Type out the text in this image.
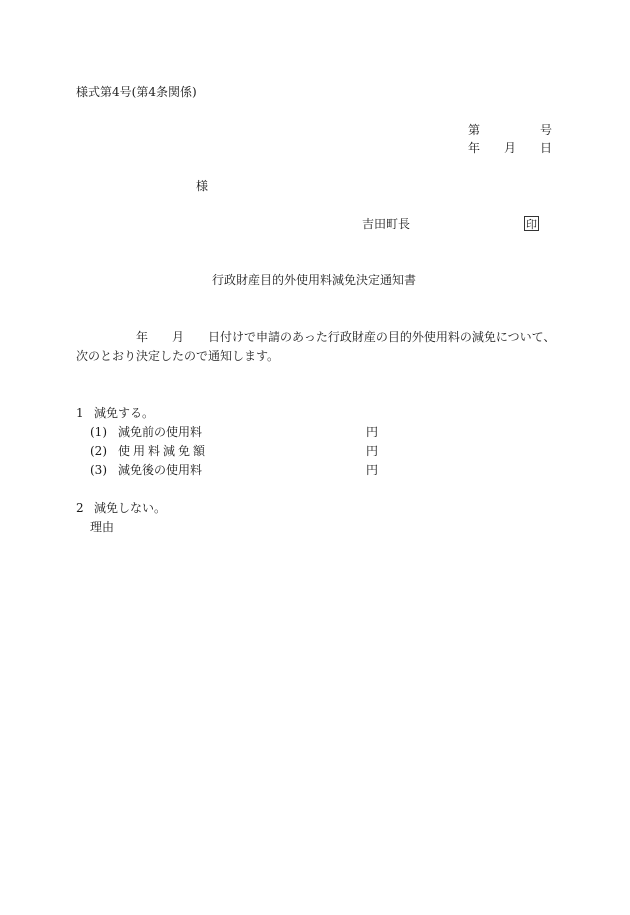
様式第4号(第4条関係)
第	号
年 月 日
様
吉田町長	印
行政財産目的外使用料減免決定通知書
年 月 日付けで申請のあった行政財産の目的外使用料の減免について、
次のとおり決定したので通知します。
1 減免する。
(1) 減免前の使用料	円
(2) 使用料減免額	円
(3) 減免後の使用料	円
2 減免しない。
理由
